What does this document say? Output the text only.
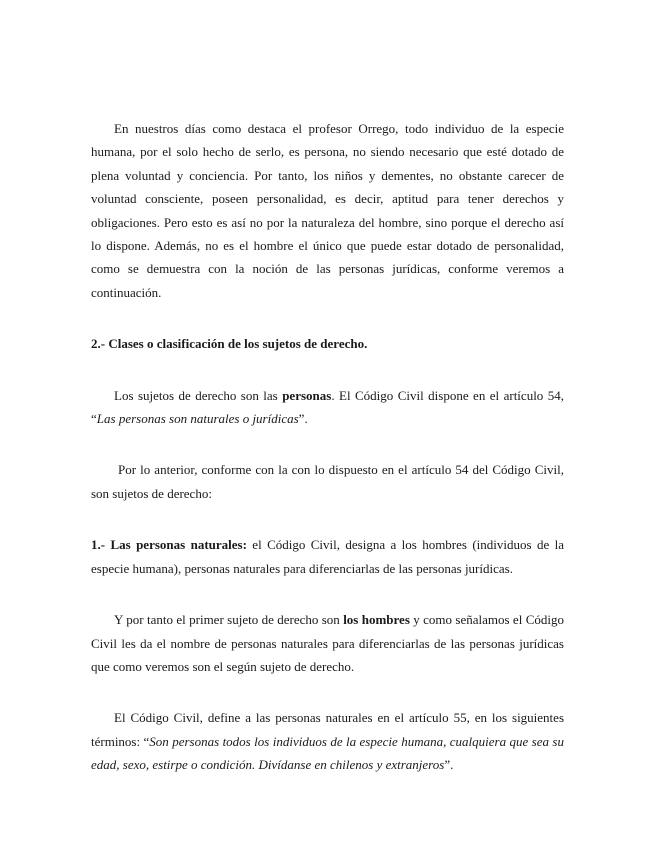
En nuestros días como destaca el profesor Orrego, todo individuo de la especie humana, por el solo hecho de serlo, es persona, no siendo necesario que esté dotado de plena voluntad y conciencia. Por tanto, los niños y dementes, no obstante carecer de voluntad consciente, poseen personalidad, es decir, aptitud para tener derechos y obligaciones. Pero esto es así no por la naturaleza del hombre, sino porque el derecho así lo dispone. Además, no es el hombre el único que puede estar dotado de personalidad, como se demuestra con la noción de las personas jurídicas, conforme veremos a continuación.

2.- Clases o clasificación de los sujetos de derecho.

Los sujetos de derecho son las personas. El Código Civil dispone en el artículo 54, “Las personas son naturales o jurídicas”.

Por lo anterior, conforme con la con lo dispuesto en el artículo 54 del Código Civil, son sujetos de derecho:

1.- Las personas naturales: el Código Civil, designa a los hombres (individuos de la especie humana), personas naturales para diferenciarlas de las personas jurídicas.

Y por tanto el primer sujeto de derecho son los hombres y como señalamos el Código Civil les da el nombre de personas naturales para diferenciarlas de las personas jurídicas que como veremos son el según sujeto de derecho.

El Código Civil, define a las personas naturales en el artículo 55, en los siguientes términos: “Son personas todos los individuos de la especie humana, cualquiera que sea su edad, sexo, estirpe o condición. Divídanse en chilenos y extranjeros”.
